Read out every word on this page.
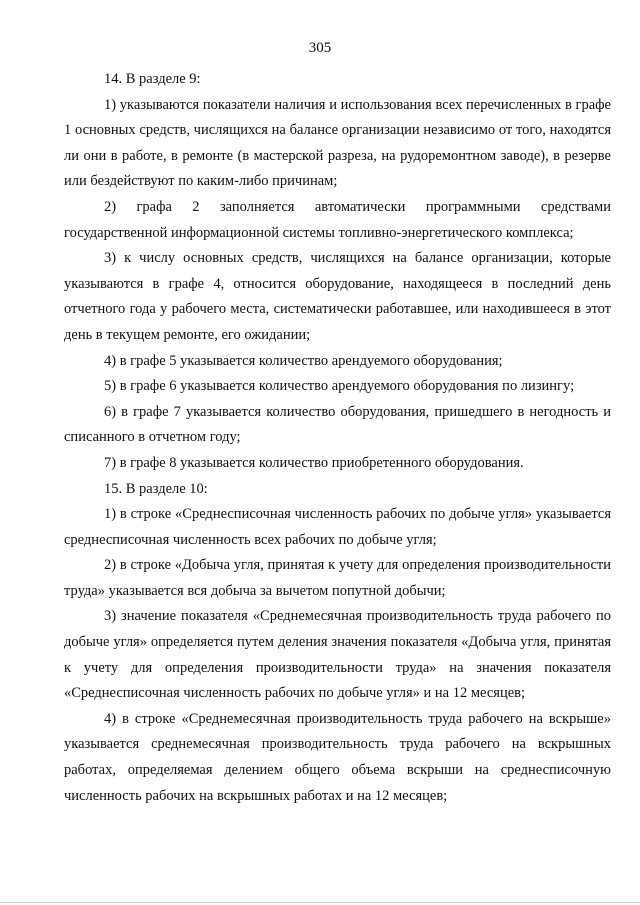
305

14. В разделе 9:

1) указываются показатели наличия и использования всех перечисленных в графе 1 основных средств, числящихся на балансе организации независимо от того, находятся ли они в работе, в ремонте (в мастерской разреза, на рудоремонтном заводе), в резерве или бездействуют по каким-либо причинам;

2) графа 2 заполняется автоматически программными средствами государственной информационной системы топливно-энергетического комплекса;

3) к числу основных средств, числящихся на балансе организации, которые указываются в графе 4, относится оборудование, находящееся в последний день отчетного года у рабочего места, систематически работавшее, или находившееся в этот день в текущем ремонте, его ожидании;

4) в графе 5 указывается количество арендуемого оборудования;

5) в графе 6 указывается количество арендуемого оборудования по лизингу;

6) в графе 7 указывается количество оборудования, пришедшего в негодность и списанного в отчетном году;

7) в графе 8 указывается количество приобретенного оборудования.

15. В разделе 10:

1) в строке «Среднесписочная численность рабочих по добыче угля» указывается среднесписочная численность всех рабочих по добыче угля;

2) в строке «Добыча угля, принятая к учету для определения производительности труда» указывается вся добыча за вычетом попутной добычи;

3) значение показателя «Среднемесячная производительность труда рабочего по добыче угля» определяется путем деления значения показателя «Добыча угля, принятая к учету для определения производительности труда» на значения показателя «Среднесписочная численность рабочих по добыче угля» и на 12 месяцев;

4) в строке «Среднемесячная производительность труда рабочего на вскрыше» указывается среднемесячная производительность труда рабочего на вскрышных работах, определяемая делением общего объема вскрыши на среднесписочную численность рабочих на вскрышных работах и на 12 месяцев;
